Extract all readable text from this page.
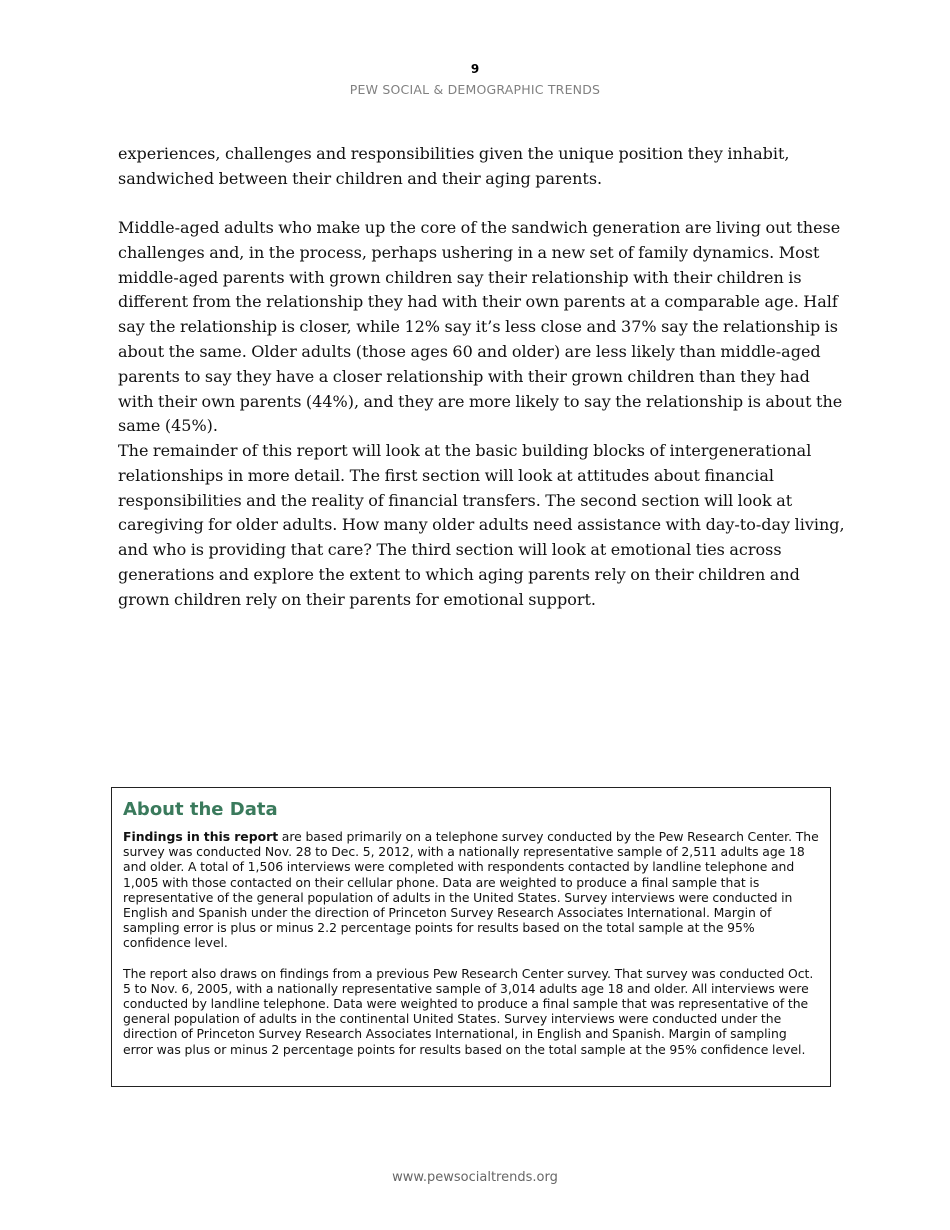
9
PEW SOCIAL & DEMOGRAPHIC TRENDS

experiences, challenges and responsibilities given the unique position they inhabit, sandwiched between their children and their aging parents.

Middle-aged adults who make up the core of the sandwich generation are living out these challenges and, in the process, perhaps ushering in a new set of family dynamics. Most middle-aged parents with grown children say their relationship with their children is different from the relationship they had with their own parents at a comparable age. Half say the relationship is closer, while 12% say it’s less close and 37% say the relationship is about the same. Older adults (those ages 60 and older) are less likely than middle-aged parents to say they have a closer relationship with their grown children than they had with their own parents (44%), and they are more likely to say the relationship is about the same (45%).

The remainder of this report will look at the basic building blocks of intergenerational relationships in more detail. The first section will look at attitudes about financial responsibilities and the reality of financial transfers. The second section will look at caregiving for older adults. How many older adults need assistance with day-to-day living, and who is providing that care? The third section will look at emotional ties across generations and explore the extent to which aging parents rely on their children and grown children rely on their parents for emotional support.

About the Data

Findings in this report are based primarily on a telephone survey conducted by the Pew Research Center. The survey was conducted Nov. 28 to Dec. 5, 2012, with a nationally representative sample of 2,511 adults age 18 and older. A total of 1,506 interviews were completed with respondents contacted by landline telephone and 1,005 with those contacted on their cellular phone. Data are weighted to produce a final sample that is representative of the general population of adults in the United States. Survey interviews were conducted in English and Spanish under the direction of Princeton Survey Research Associates International. Margin of sampling error is plus or minus 2.2 percentage points for results based on the total sample at the 95% confidence level.

The report also draws on findings from a previous Pew Research Center survey. That survey was conducted Oct. 5 to Nov. 6, 2005, with a nationally representative sample of 3,014 adults age 18 and older. All interviews were conducted by landline telephone. Data were weighted to produce a final sample that was representative of the general population of adults in the continental United States. Survey interviews were conducted under the direction of Princeton Survey Research Associates International, in English and Spanish. Margin of sampling error was plus or minus 2 percentage points for results based on the total sample at the 95% confidence level.

www.pewsocialtrends.org
